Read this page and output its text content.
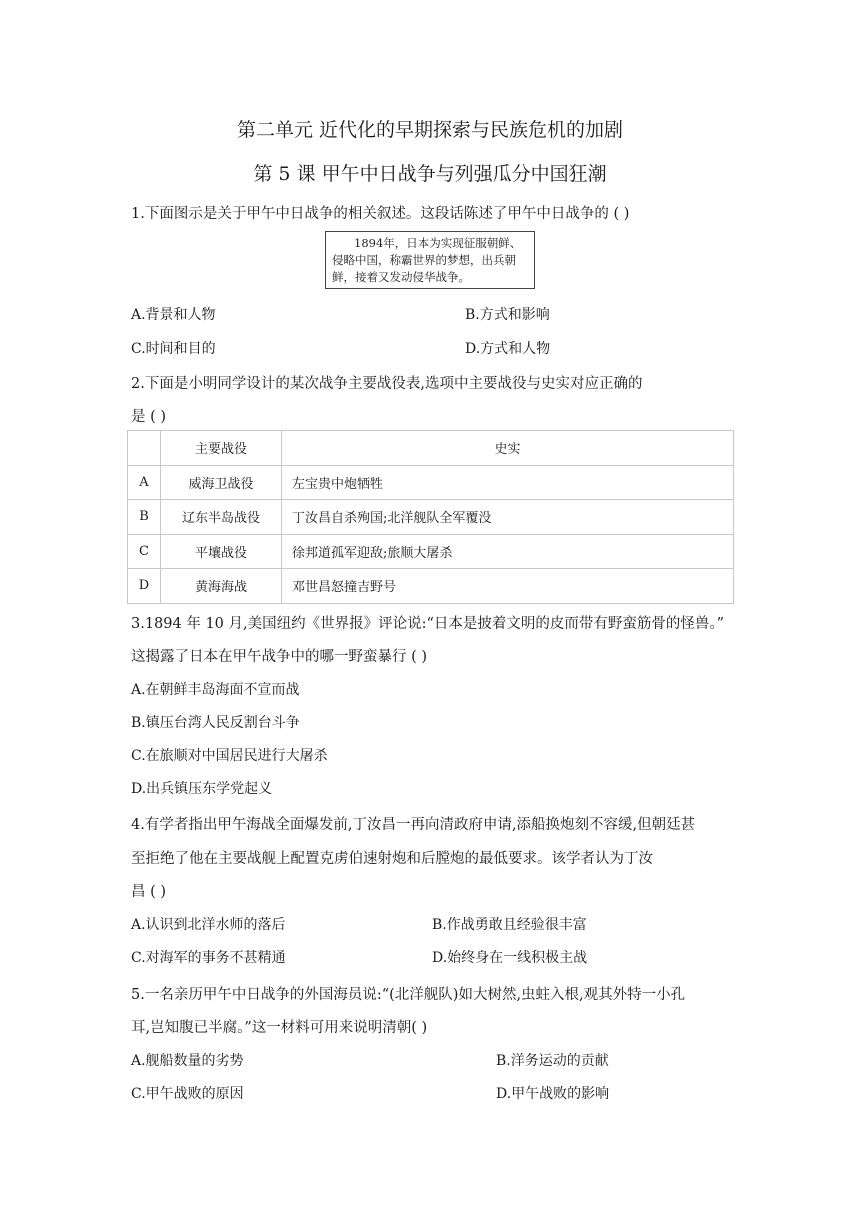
第二单元 近代化的早期探索与民族危机的加剧
第 5 课 甲午中日战争与列强瓜分中国狂潮
1.下面图示是关于甲午中日战争的相关叙述。这段话陈述了甲午中日战争的 ( )
1894年，日本为实现征服朝鲜、
侵略中国，称霸世界的梦想，出兵朝
鲜，接着又发动侵华战争。
A.背景和人物	B.方式和影响
C.时间和目的	D.方式和人物
2.下面是小明同学设计的某次战争主要战役表,选项中主要战役与史实对应正确的
是 ( )
	主要战役	史实
A	威海卫战役	左宝贵中炮牺牲
B	辽东半岛战役	丁汝昌自杀殉国;北洋舰队全军覆没
C	平壤战役	徐邦道孤军迎敌;旅顺大屠杀
D	黄海海战	邓世昌怒撞吉野号
3.1894 年 10 月,美国纽约《世界报》评论说:“日本是披着文明的皮而带有野蛮筋骨的怪兽。”
这揭露了日本在甲午战争中的哪一野蛮暴行 ( )
A.在朝鲜丰岛海面不宣而战
B.镇压台湾人民反割台斗争
C.在旅顺对中国居民进行大屠杀
D.出兵镇压东学党起义
4.有学者指出甲午海战全面爆发前,丁汝昌一再向清政府申请,添船换炮刻不容缓,但朝廷甚
至拒绝了他在主要战舰上配置克虏伯速射炮和后膛炮的最低要求。该学者认为丁汝
昌 ( )
A.认识到北洋水师的落后	B.作战勇敢且经验很丰富
C.对海军的事务不甚精通	D.始终身在一线积极主战
5.一名亲历甲午中日战争的外国海员说:“(北洋舰队)如大树然,虫蛀入根,观其外特一小孔
耳,岂知腹已半腐。”这一材料可用来说明清朝( )
A.舰船数量的劣势	B.洋务运动的贡献
C.甲午战败的原因	D.甲午战败的影响
